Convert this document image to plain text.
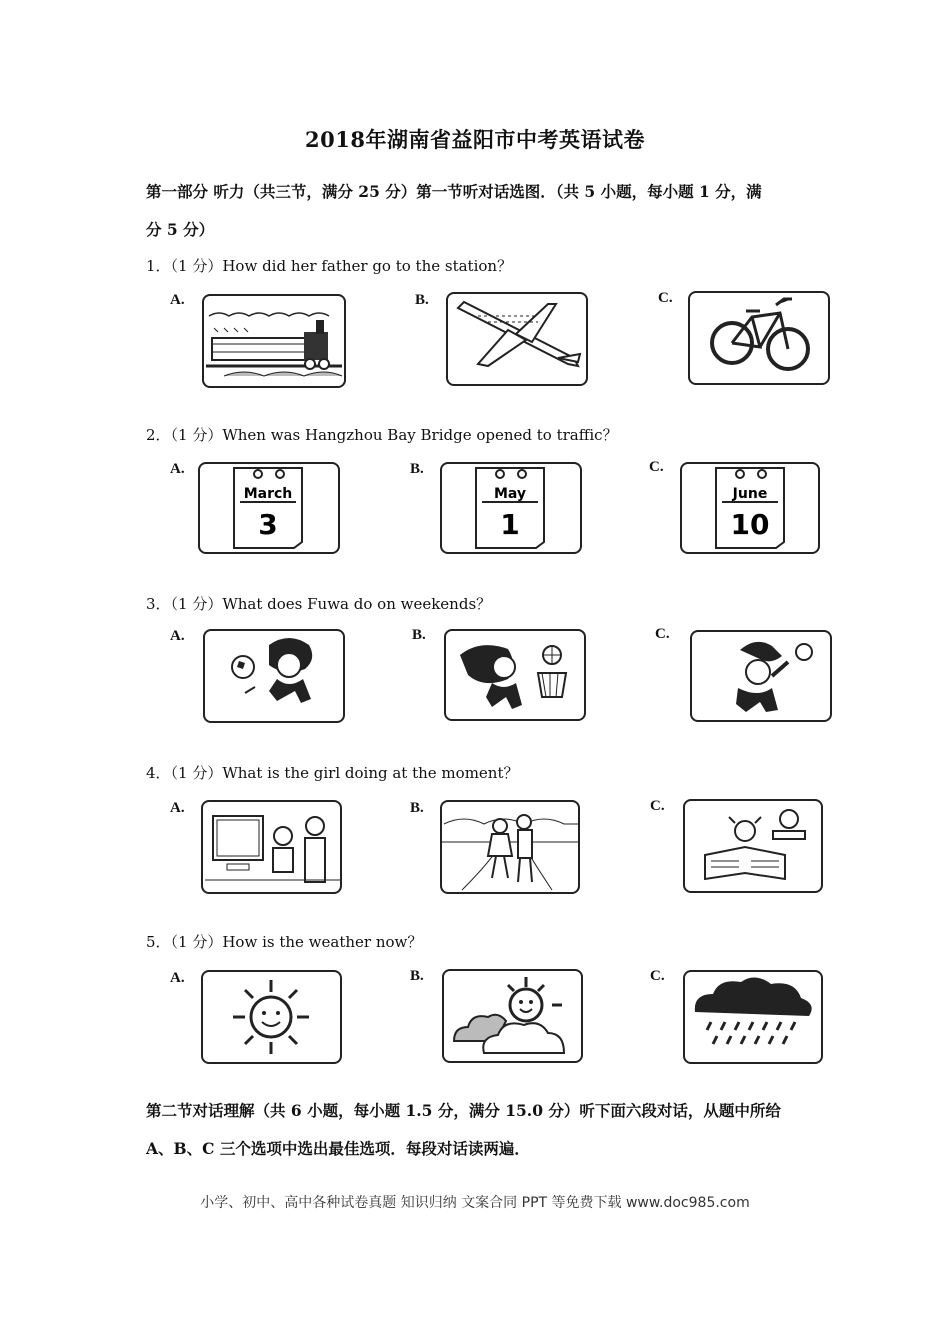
2018年湖南省益阳市中考英语试卷
第一部分 听力（共三节，满分 25 分）第一节听对话选图．（共 5 小题，每小题 1 分，满
分 5 分）
1．（1 分）How did her father go to the station？
A.	B.	C.
2．（1 分）When was Hangzhou Bay Bridge opened to traffic？
A.
March
3
B.
May
1
C.
June
10
3．（1 分）What does Fuwa do on weekends？
A.	B.	C.
4．（1 分）What is the girl doing at the moment？
A.	B.	C.
5．（1 分）How is the weather now？
A.	B.	C.
第二节对话理解（共 6 小题，每小题 1.5 分，满分 15.0 分）听下面六段对话，从题中所给
A、B、C 三个选项中选出最佳选项．每段对话读两遍．
小学、初中、高中各种试卷真题 知识归纳 文案合同 PPT 等免费下载 www.doc985.com
